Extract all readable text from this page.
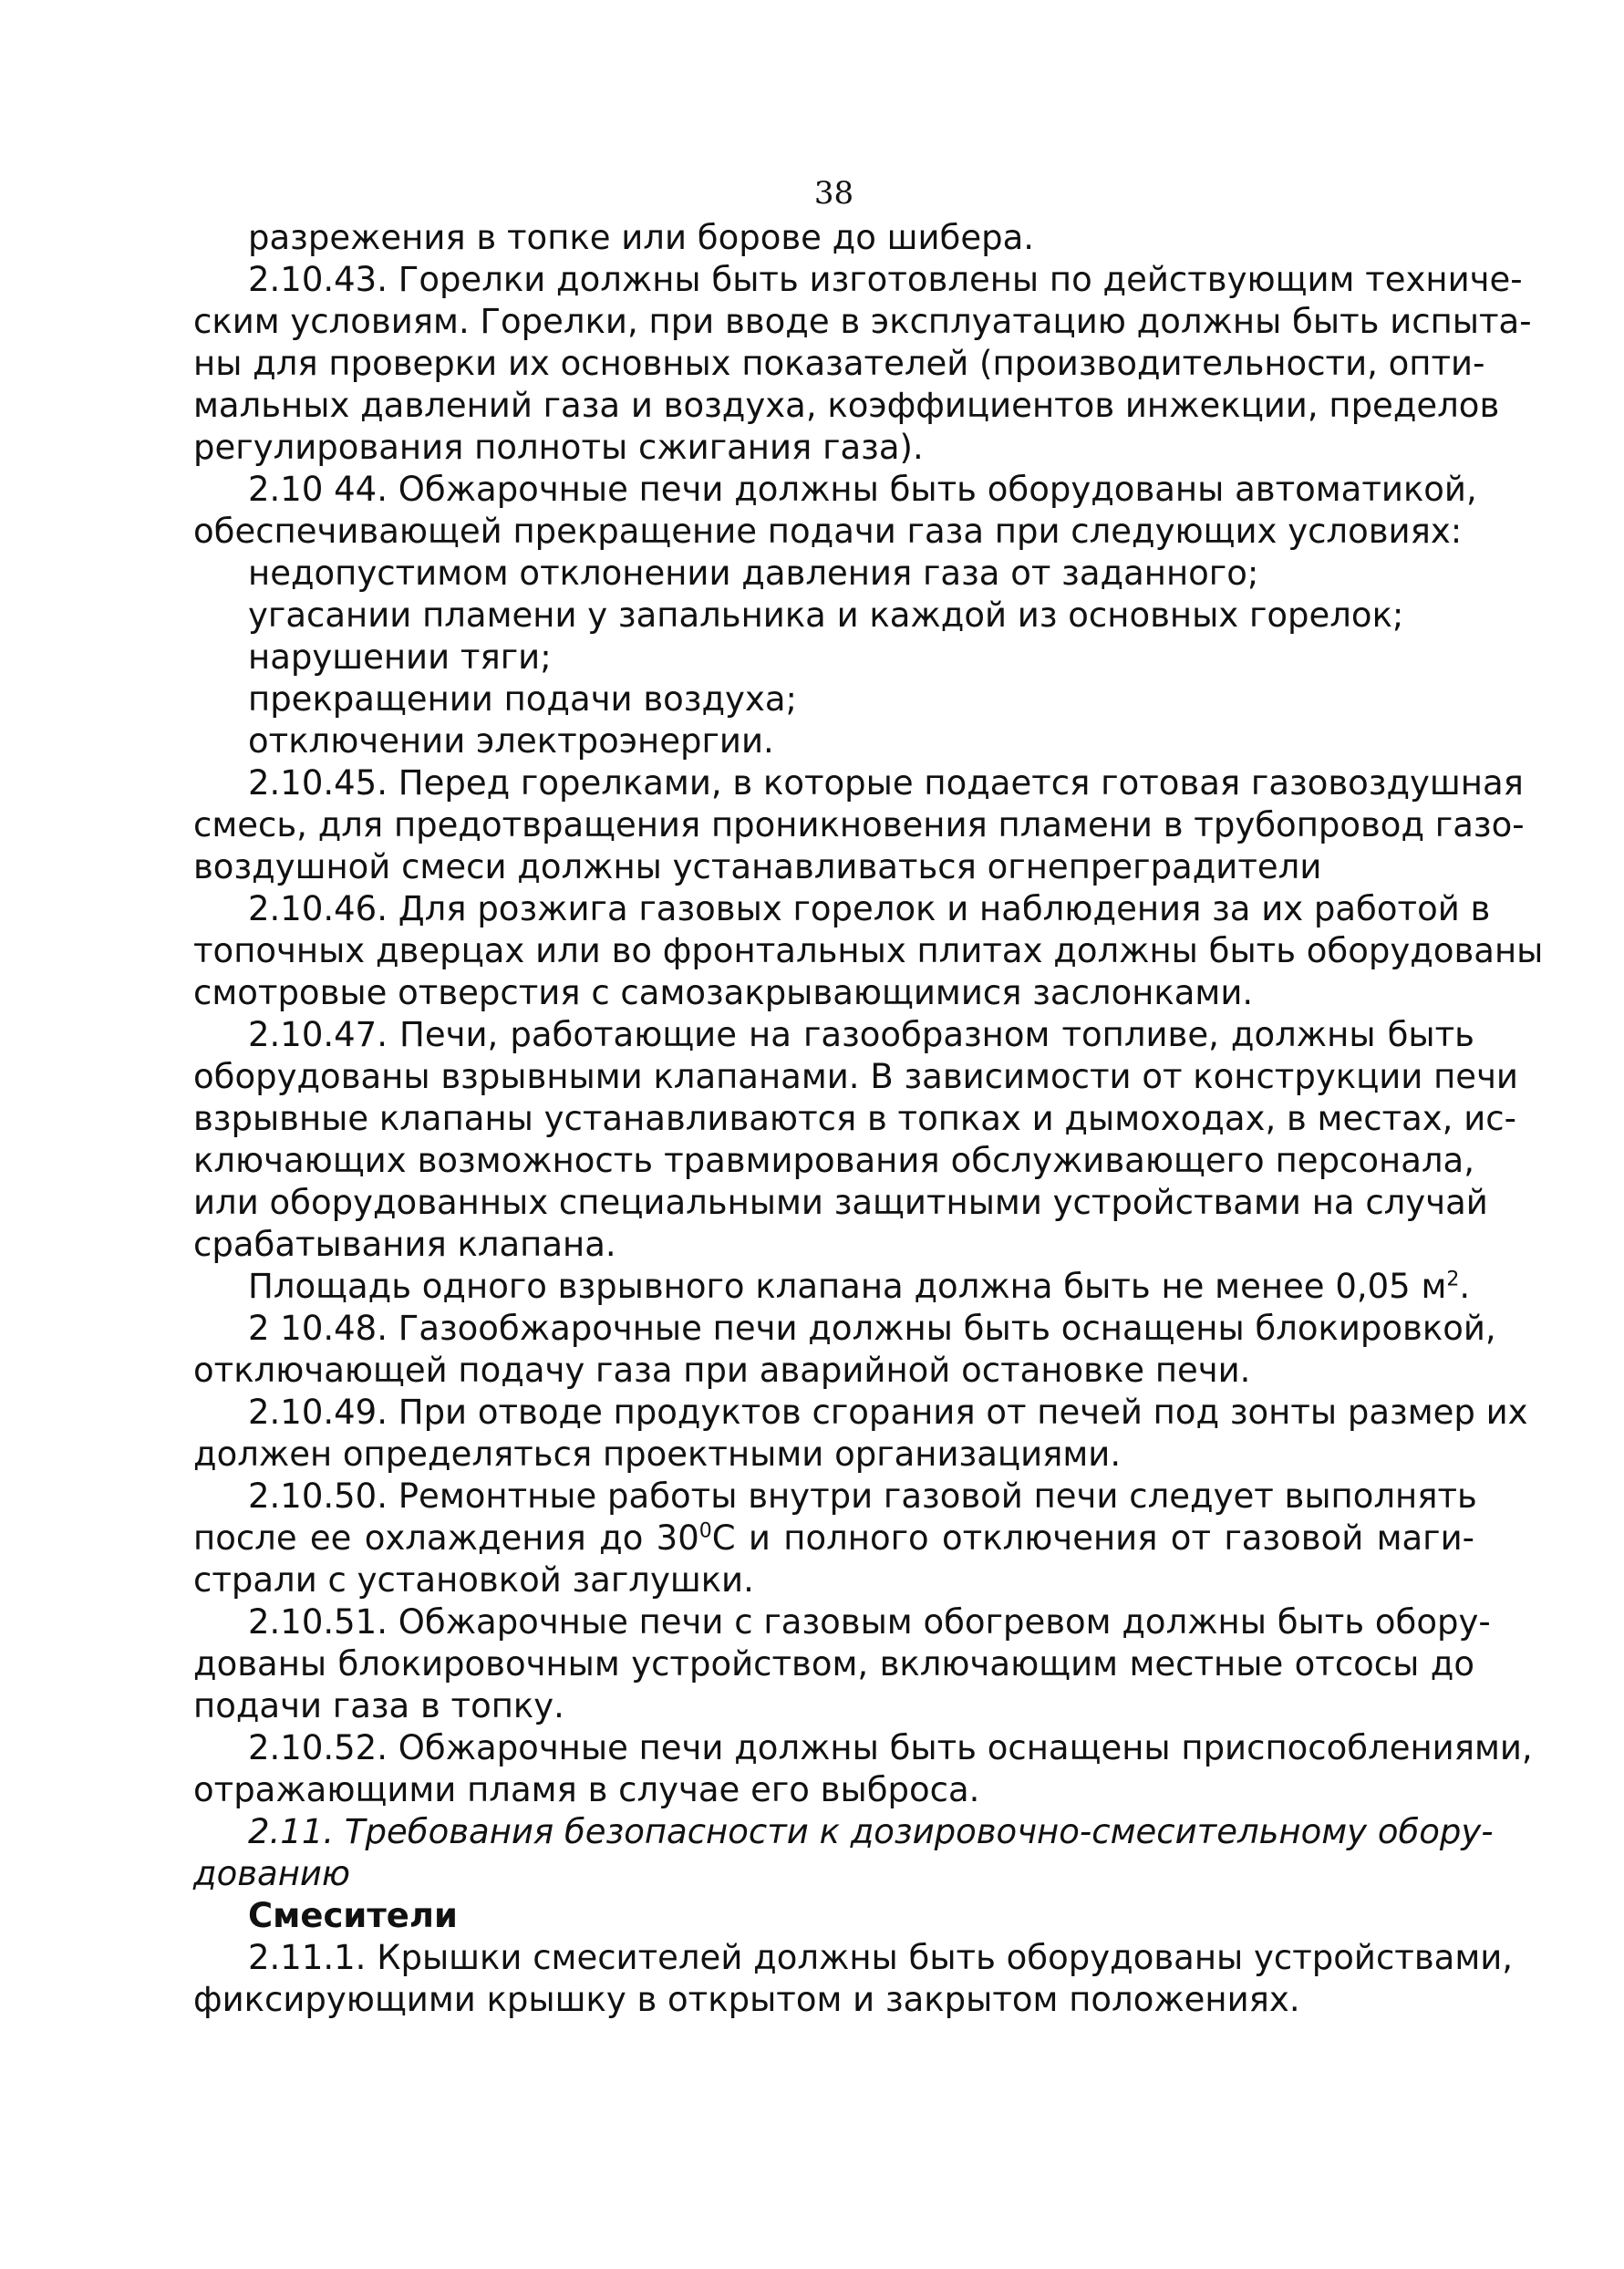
38

разрежения в топке или борове до шибера.

2.10.43. Горелки должны быть изготовлены по действующим техниче-

ским условиям. Горелки, при вводе в эксплуатацию должны быть испыта-

ны для проверки их основных показателей (производительности, опти-

мальных давлений газа и воздуха, коэффициентов инжекции, пределов

регулирования полноты сжигания газа).

2.10 44. Обжарочные печи должны быть оборудованы автоматикой,

обеспечивающей прекращение подачи газа при следующих условиях:

недопустимом отклонении давления газа от заданного;

угасании пламени у запальника и каждой из основных горелок;

нарушении тяги;

прекращении подачи воздуха;

отключении электроэнергии.

2.10.45. Перед горелками, в которые подается готовая газовоздушная

смесь, для предотвращения проникновения пламени в трубопровод газо-

воздушной смеси должны устанавливаться огнепреградители

2.10.46. Для розжига газовых горелок и наблюдения за их работой в

топочных дверцах или во фронтальных плитах должны быть оборудованы

смотровые отверстия с самозакрывающимися заслонками.

2.10.47. Печи, работающие на газообразном топливе, должны быть

оборудованы взрывными клапанами. В зависимости от конструкции печи

взрывные клапаны устанавливаются в топках и дымоходах, в местах, ис-

ключающих возможность травмирования обслуживающего персонала,

или оборудованных специальными защитными устройствами на случай

срабатывания клапана.

Площадь одного взрывного клапана должна быть не менее 0,05 $м^2$.

2 10.48. Газообжарочные печи должны быть оснащены блокировкой,

отключающей подачу газа при аварийной остановке печи.

2.10.49. При отводе продуктов сгорания от печей под зонты размер их

должен определяться проектными организациями.

2.10.50. Ремонтные работы внутри газовой печи следует выполнять

после ее охлаждения до $30^0С$ и полного отключения от газовой маги-

страли с установкой заглушки.

2.10.51. Обжарочные печи с газовым обогревом должны быть обору-

дованы блокировочным устройством, включающим местные отсосы до

подачи газа в топку.

2.10.52. Обжарочные печи должны быть оснащены приспособлениями,

отражающими пламя в случае его выброса.

2.11. Требования безопасности к дозировочно-смесительному обору-

дованию

Смесители

2.11.1. Крышки смесителей должны быть оборудованы устройствами,

фиксирующими крышку в открытом и закрытом положениях.
